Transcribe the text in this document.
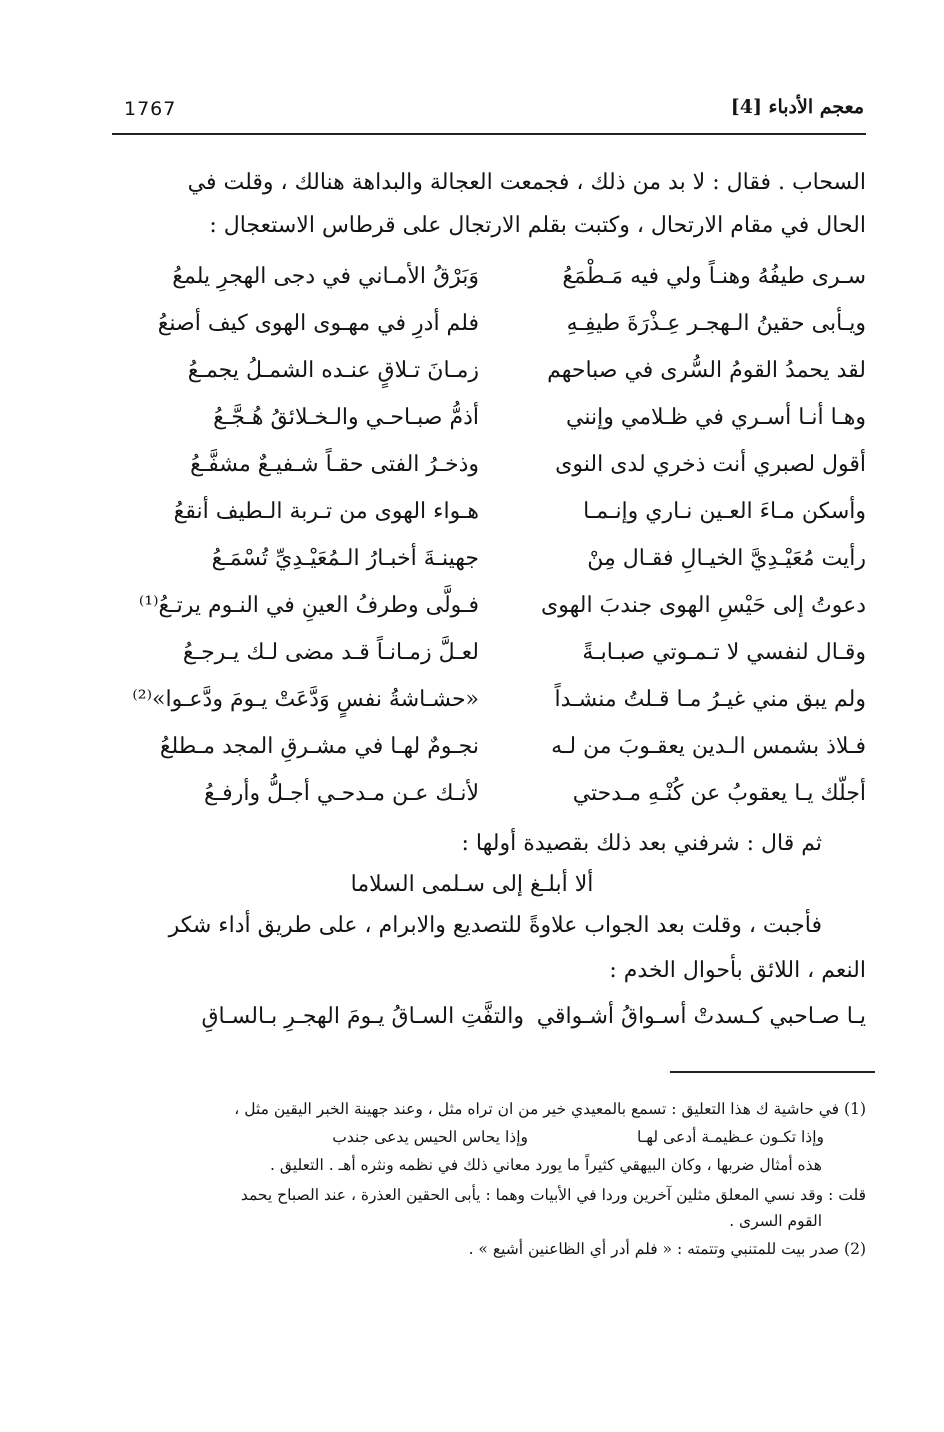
1767	معجم الأدباء [4]
السحاب . فقال : لا بد من ذلك ، فجمعت العجالة والبداهة هنالك ، وقلت في
الحال في مقام الارتحال ، وكتبت بقلم الارتجال على قرطاس الاستعجال :
سـرى طيفُهُ وهنـاً ولي فيه مَـطْمَعُ
وَبَرْقُ الأمـاني في دجى الهجرِ يلمعُ
ويـأبى حقينُ الـهجـر عِـذْرَةَ طيفِـهِ
فلم أدرِ في مهـوى الهوى كيف أصنعُ
لقد يحمدُ القومُ السُّرى في صباحهم
زمـانَ تـلاقٍ عنـده الشمـلُ يجمـعُ
وهـا أنـا أسـري في ظـلامي وإنني
أذمُّ صبـاحـي والـخـلائقُ هُـجَّـعُ
أقول لصبري أنت ذخري لدى النوى
وذخـرُ الفتى حقـاً شـفيـعٌ مشفَّـعُ
وأسكن مـاءَ العـين نـاري وإنـمـا
هـواء الهوى من تـربة الـطيف أنقعُ
رأيت مُعَيْـدِيَّ الخيـالِ فقـال مِنْ
جهينـةَ أخبـارُ الـمُعَيْـدِيِّ تُسْمَـعُ
دعوتُ إلى حَيْسِ الهوى جندبَ الهوى
فـولَّى وطرفُ العينِ في النـوم يرتـعُ⁽¹⁾
وقـال لنفسي لا تـمـوتي صبـابـةً
لعـلَّ زمـانـاً قـد مضى لـك يـرجـعُ
ولم يبق مني غيـرُ مـا قـلتُ منشـداً
«حشـاشةُ نفسٍ وَدَّعَتْ يـومَ ودَّعـوا»⁽²⁾
فـلاذ بشمس الـدين يعقـوبَ من لـه
نجـومٌ لهـا في مشـرقِ المجد مـطلعُ
أجلّك يـا يعقوبُ عن كُنْـهِ مـدحتي
لأنـك عـن مـدحـي أجـلُّ وأرفـعُ
ثم قال : شرفني بعد ذلك بقصيدة أولها :
ألا أبلـغ إلى سـلمى السلاما
فأجبت ، وقلت بعد الجواب علاوةً للتصديع والابرام ، على طريق أداء شكر
النعم ، اللائق بأحوال الخدم :
يـا صـاحبي كـسدتْ أسـواقُ أشـواقي
والتفَّتِ السـاقُ يـومَ الهجـرِ بـالسـاقِ
(1) في حاشية ك هذا التعليق : تسمع بالمعيدي خير من ان تراه مثل ، وعند جهينة الخبر اليقين مثل ،
وإذا تكـون عـظيمـة أدعى لهـا
وإذا يحاس الحيس يدعى جندب
هذه أمثال ضربها ، وكان البيهقي كثيراً ما يورد معاني ذلك في نظمه ونثره أهـ . التعليق .
قلت : وقد نسي المعلق مثلين آخرين وردا في الأبيات وهما : يأبى الحقين العذرة ، عند الصباح يحمد
القوم السرى .
(2) صدر بيت للمتنبي وتتمته : « فلم أدر أي الظاعنين أشيع » .
